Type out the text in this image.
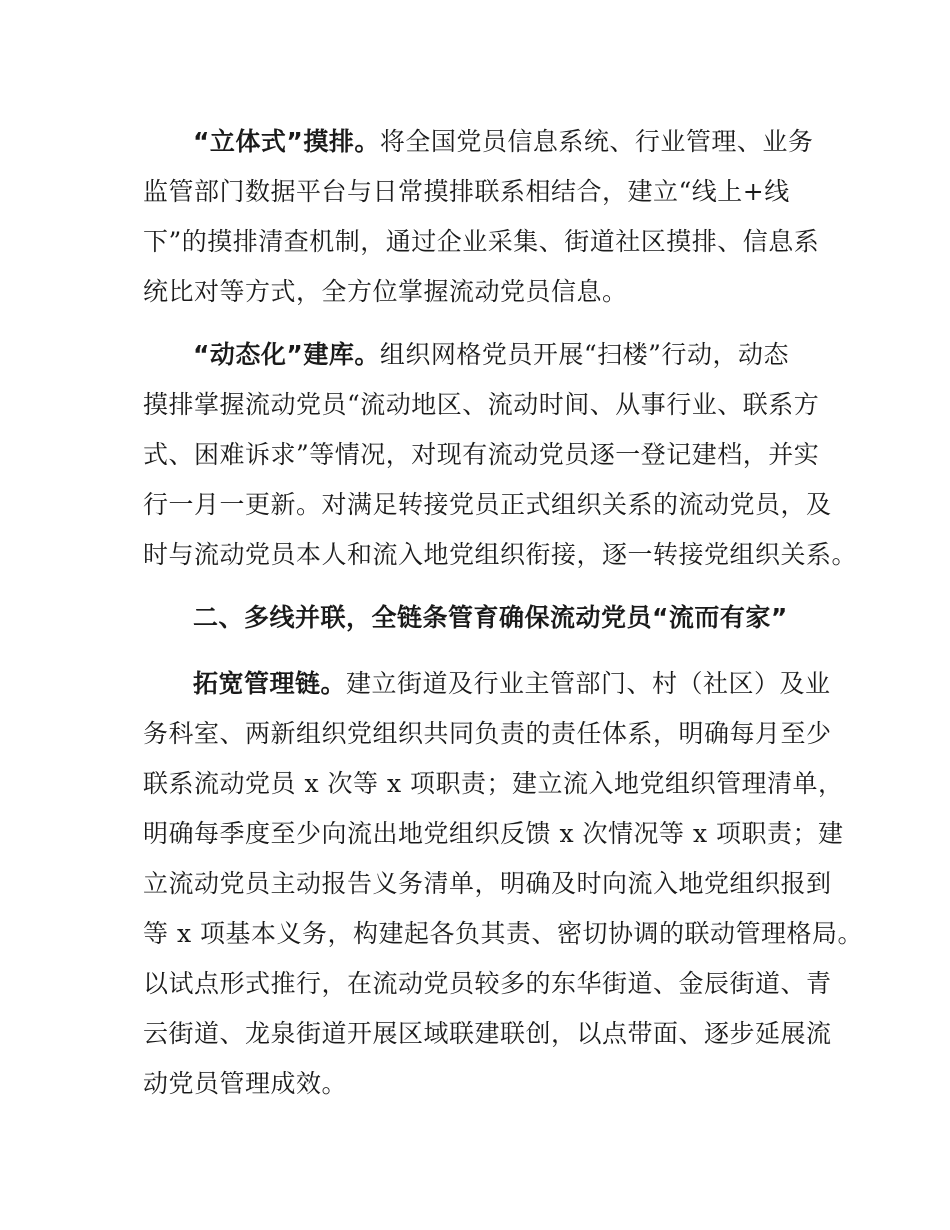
“立体式”摸排。将全国党员信息系统、行业管理、业务
监管部门数据平台与日常摸排联系相结合，建立“线上+线
下”的摸排清查机制，通过企业采集、街道社区摸排、信息系
统比对等方式，全方位掌握流动党员信息。
“动态化”建库。组织网格党员开展“扫楼”行动，动态
摸排掌握流动党员“流动地区、流动时间、从事行业、联系方
式、困难诉求”等情况，对现有流动党员逐一登记建档，并实
行一月一更新。对满足转接党员正式组织关系的流动党员，及
时与流动党员本人和流入地党组织衔接，逐一转接党组织关系。
二、多线并联，全链条管育确保流动党员“流而有家”
拓宽管理链。建立街道及行业主管部门、村（社区）及业
务科室、两新组织党组织共同负责的责任体系，明确每月至少
联系流动党员 x 次等 x 项职责；建立流入地党组织管理清单，
明确每季度至少向流出地党组织反馈 x 次情况等 x 项职责；建
立流动党员主动报告义务清单，明确及时向流入地党组织报到
等 x 项基本义务，构建起各负其责、密切协调的联动管理格局。
以试点形式推行，在流动党员较多的东华街道、金辰街道、青
云街道、龙泉街道开展区域联建联创，以点带面、逐步延展流
动党员管理成效。
